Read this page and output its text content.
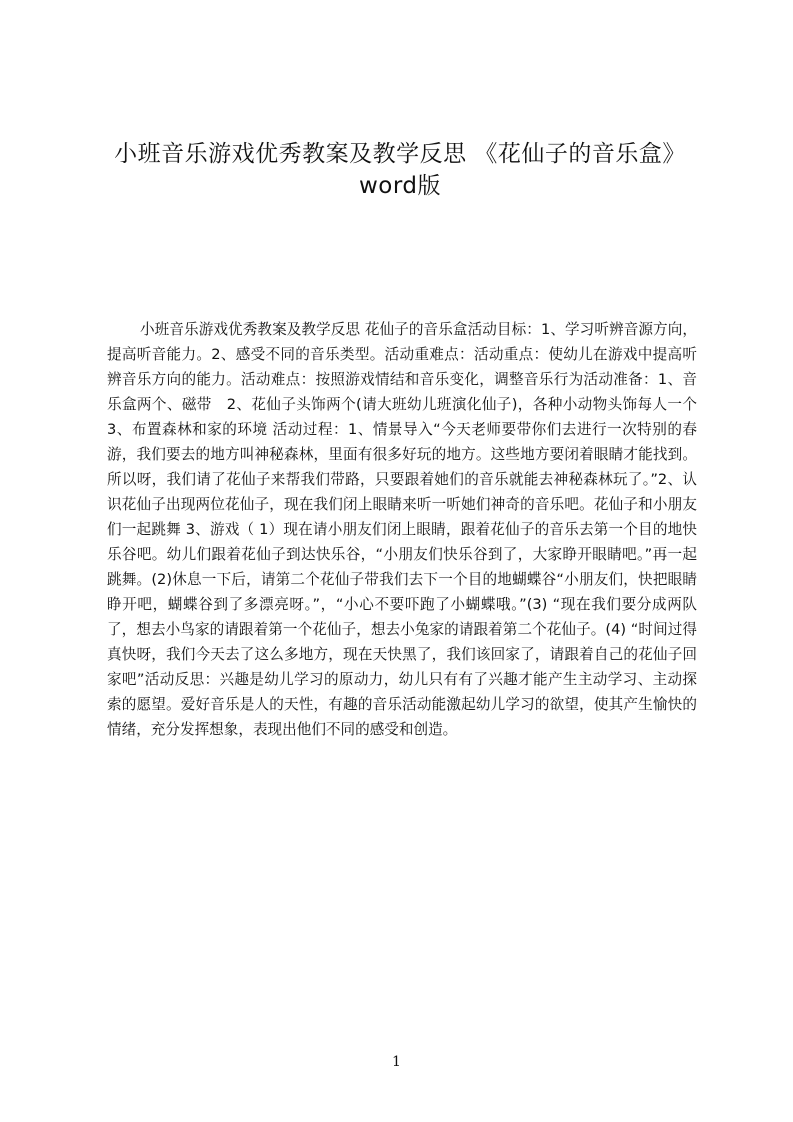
小班音乐游戏优秀教案及教学反思 《花仙子的音乐盒》
word版

小班音乐游戏优秀教案及教学反思 花仙子的音乐盒活动目标：1、学习听辨音源方向，提高听音能力。2、感受不同的音乐类型。活动重难点：活动重点：使幼儿在游戏中提高听辨音乐方向的能力。活动难点：按照游戏情结和音乐变化，调整音乐行为活动准备：1、音乐盒两个、磁带　2、花仙子头饰两个(请大班幼儿班演化仙子)，各种小动物头饰每人一个 3、布置森林和家的环境 活动过程：1、情景导入“今天老师要带你们去进行一次特别的春游，我们要去的地方叫神秘森林，里面有很多好玩的地方。这些地方要闭着眼睛才能找到。所以呀，我们请了花仙子来帮我们带路，只要跟着她们的音乐就能去神秘森林玩了。”2、认识花仙子出现两位花仙子，现在我们闭上眼睛来听一听她们神奇的音乐吧。花仙子和小朋友们一起跳舞 3、游戏（ 1）现在请小朋友们闭上眼睛，跟着花仙子的音乐去第一个目的地快乐谷吧。幼儿们跟着花仙子到达快乐谷，“小朋友们快乐谷到了，大家睁开眼睛吧。”再一起跳舞。(2)休息一下后，请第二个花仙子带我们去下一个目的地蝴蝶谷“小朋友们，快把眼睛睁开吧，蝴蝶谷到了多漂亮呀。”，“小心不要吓跑了小蝴蝶哦。”(3) “现在我们要分成两队了，想去小鸟家的请跟着第一个花仙子，想去小兔家的请跟着第二个花仙子。(4) “时间过得真快呀，我们今天去了这么多地方，现在天快黑了，我们该回家了，请跟着自己的花仙子回家吧”活动反思：兴趣是幼儿学习的原动力，幼儿只有有了兴趣才能产生主动学习、主动探索的愿望。爱好音乐是人的天性，有趣的音乐活动能激起幼儿学习的欲望，使其产生愉快的情绪，充分发挥想象，表现出他们不同的感受和创造。

1
